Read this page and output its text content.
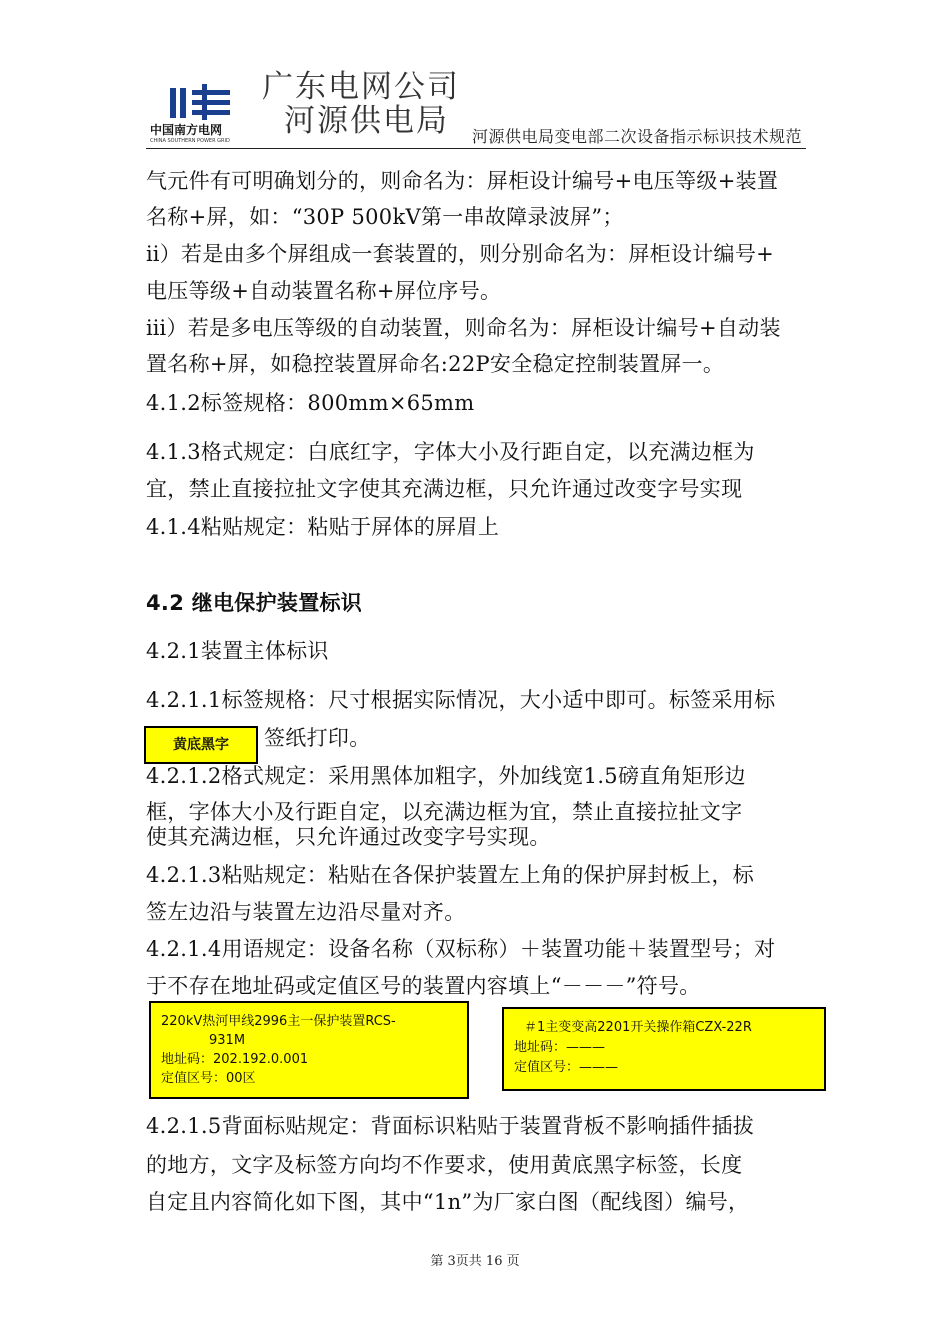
中国南方电网
CHINA SOUTHERN POWER GRID
广东电网公司
河源供电局	河源供电局变电部二次设备指示标识技术规范
气元件有可明确划分的，则命名为：屏柜设计编号+电压等级+装置
名称+屏，如：“30P 500kV第一串故障录波屏”；
ⅱ）若是由多个屏组成一套装置的，则分别命名为：屏柜设计编号+
电压等级+自动装置名称+屏位序号。
ⅲ）若是多电压等级的自动装置，则命名为：屏柜设计编号+自动装
置名称+屏，如稳控装置屏命名:22P安全稳定控制装置屏一。
4.1.2标签规格：800mm×65mm
4.1.3格式规定：白底红字，字体大小及行距自定，以充满边框为
宜，禁止直接拉扯文字使其充满边框，只允许通过改变字号实现
4.1.4粘贴规定：粘贴于屏体的屏眉上
4.2 继电保护装置标识
4.2.1装置主体标识
4.2.1.1标签规格：尺寸根据实际情况，大小适中即可。标签采用标
签纸打印。
4.2.1.2格式规定：采用黑体加粗字，外加线宽1.5磅直角矩形边
框，字体大小及行距自定，以充满边框为宜，禁止直接拉扯文字
使其充满边框，只允许通过改变字号实现。
4.2.1.3粘贴规定：粘贴在各保护装置左上角的保护屏封板上，标
签左边沿与装置左边沿尽量对齐。
4.2.1.4用语规定：设备名称（双标称）＋装置功能＋装置型号；对
于不存在地址码或定值区号的装置内容填上“－－－”符号。
黄底黑字
220kV热河甲线2996主一保护装置RCS-
931M
地址码：202.192.0.001
定值区号：00区
＃1主变变高2201开关操作箱CZX-22R
地址码：———
定值区号：———
4.2.1.5背面标贴规定：背面标识粘贴于装置背板不影响插件插拔
的地方，文字及标签方向均不作要求，使用黄底黑字标签，长度
自定且内容简化如下图，其中“1n”为厂家白图（配线图）编号，
第 3页共 16 页
